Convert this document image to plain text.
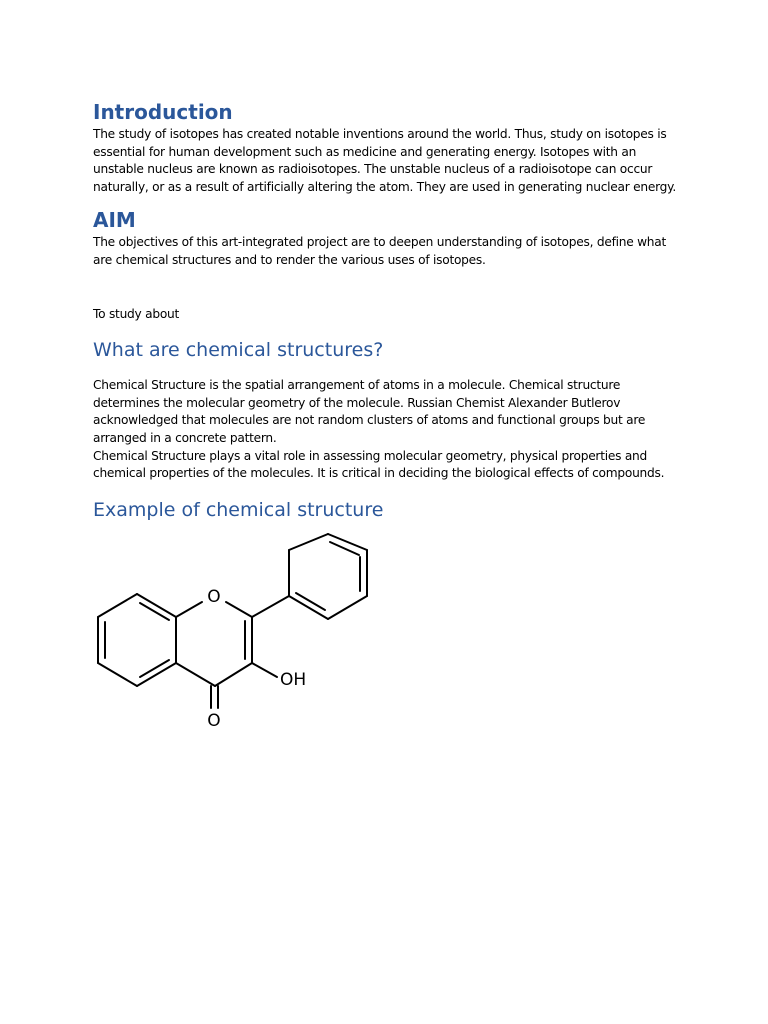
Introduction

The study of isotopes has created notable inventions around the world. Thus, study on isotopes is essential for human development such as medicine and generating energy. Isotopes with an unstable nucleus are known as radioisotopes. The unstable nucleus of a radioisotope can occur naturally, or as a result of artificially altering the atom. They are used in generating nuclear energy.

AIM

The objectives of this art-integrated project are to deepen understanding of isotopes, define what are chemical structures and to render the various uses of isotopes.

To study about

What are chemical structures?

Chemical Structure is the spatial arrangement of atoms in a molecule. Chemical structure determines the molecular geometry of the molecule. Russian Chemist Alexander Butlerov acknowledged that molecules are not random clusters of atoms and functional groups but are arranged in a concrete pattern.

Chemical Structure plays a vital role in assessing molecular geometry, physical properties and chemical properties of the molecules. It is critical in deciding the biological effects of compounds.

Example of chemical structure
O
OH
O
